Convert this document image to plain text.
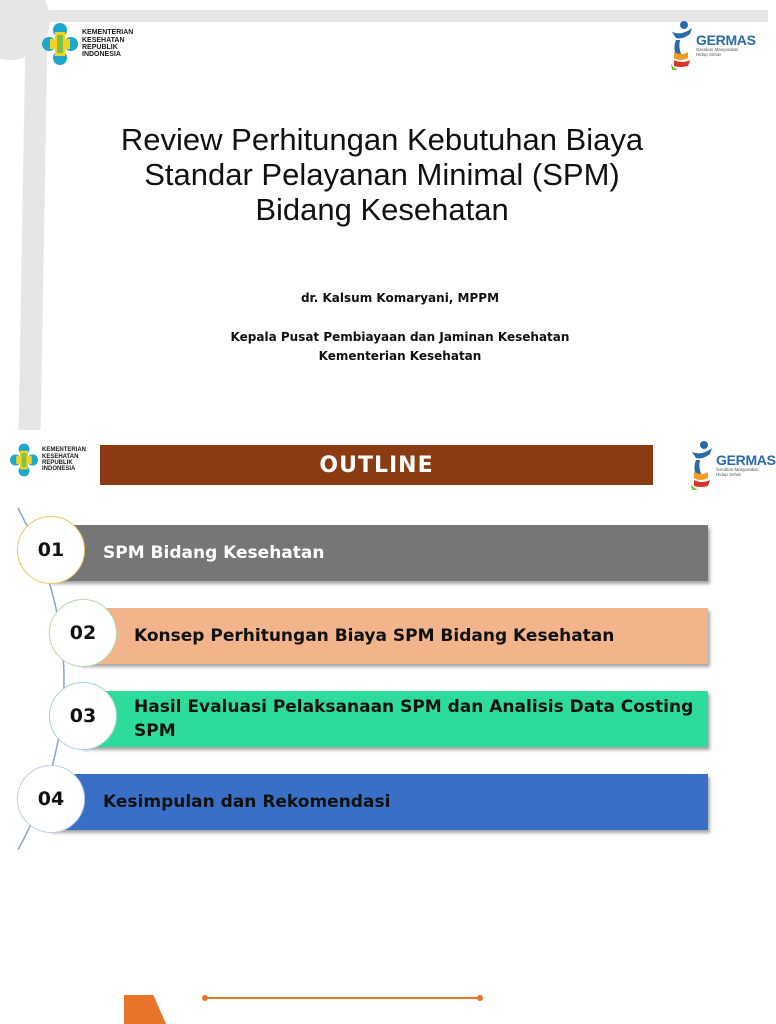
KEMENTERIAN
KESEHATAN
REPUBLIK
INDONESIA
GERMAS
Gerakan Masyarakat
Hidup Sehat
Review Perhitungan Kebutuhan Biaya
Standar Pelayanan Minimal (SPM)
Bidang Kesehatan
dr. Kalsum Komaryani, MPPM
Kepala Pusat Pembiayaan dan Jaminan Kesehatan
Kementerian Kesehatan
KEMENTERIAN
KESEHATAN
REPUBLIK
INDONESIA
GERMAS
Gerakan Masyarakat
Hidup Sehat
OUTLINE
SPM Bidang Kesehatan
01
Konsep Perhitungan Biaya SPM Bidang Kesehatan
02
Hasil Evaluasi Pelaksanaan SPM dan Analisis Data Costing SPM
03
Kesimpulan dan Rekomendasi
04
